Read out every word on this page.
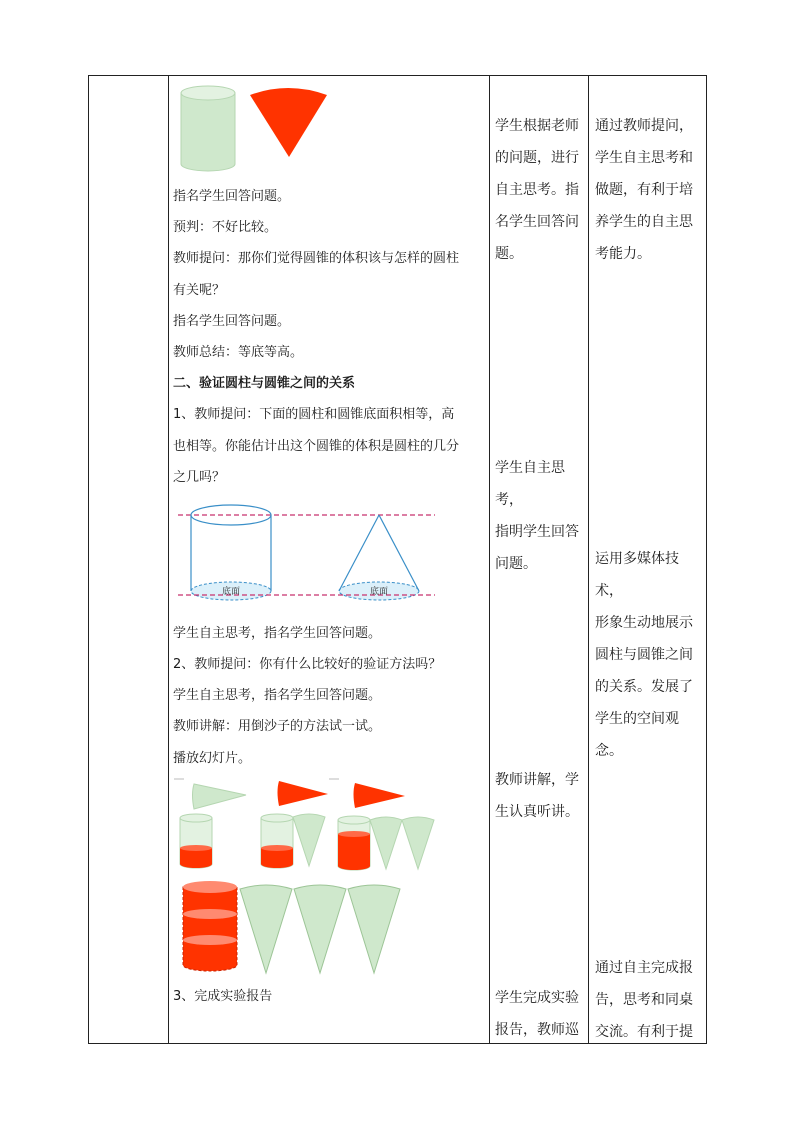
指名学生回答问题。
预判：不好比较。
教师提问：那你们觉得圆锥的体积该与怎样的圆柱
有关呢？
指名学生回答问题。
教师总结：等底等高。
二、验证圆柱与圆锥之间的关系
1、教师提问：下面的圆柱和圆锥底面积相等，高
也相等。你能估计出这个圆锥的体积是圆柱的几分
之几吗？
底面	底面
学生自主思考，指名学生回答问题。
2、教师提问：你有什么比较好的验证方法吗？
学生自主思考，指名学生回答问题。
教师讲解：用倒沙子的方法试一试。
播放幻灯片。
3、完成实验报告

学生根据老师

的问题，进行

自主思考。指

名学生回答问

题。

学生自主思考，

指明学生回答

问题。

教师讲解，学

生认真听讲。

学生完成实验

报告，教师巡

通过教师提问，

学生自主思考和

做题，有利于培

养学生的自主思

考能力。

运用多媒体技术，

形象生动地展示

圆柱与圆锥之间

的关系。发展了

学生的空间观念。

通过自主完成报

告，思考和同桌

交流。有利于提
